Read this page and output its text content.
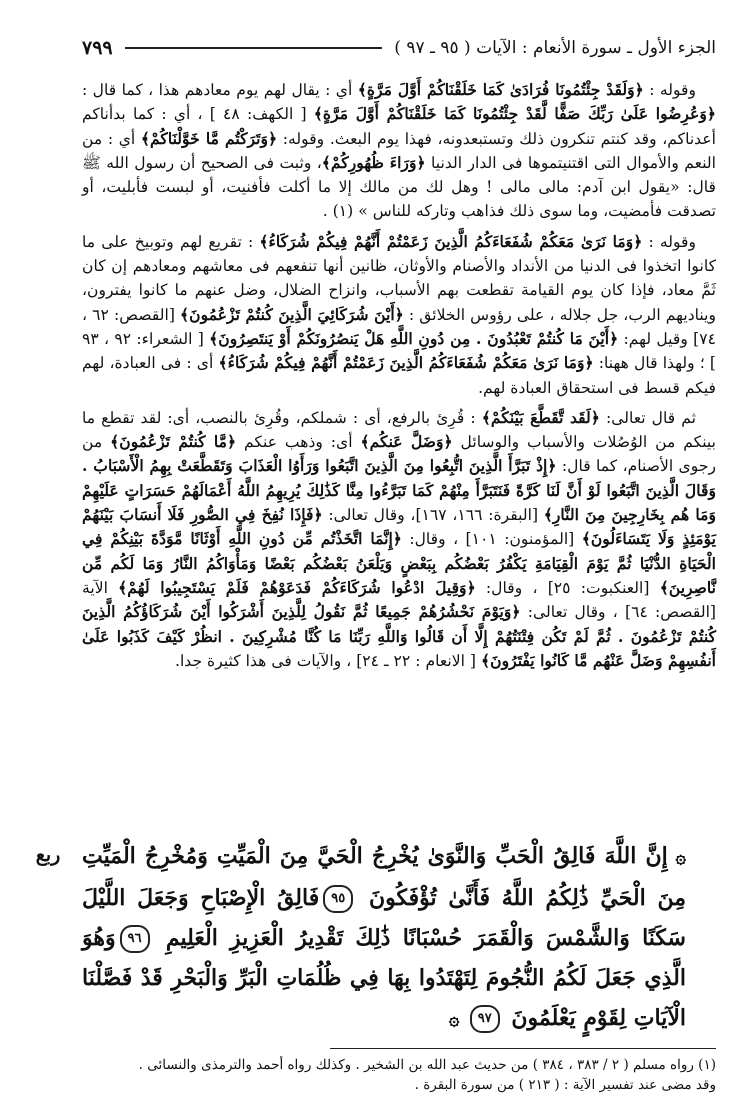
الجزء الأول ـ سورة الأنعام : الآيات ( ٩٥ ـ ٩٧ )
٧٩٩

وقوله : ﴿وَلَقَدْ جِئْتُمُونَا فُرَادَىٰ كَمَا خَلَقْنَاكُمْ أَوَّلَ مَرَّةٍ﴾ أي : يقال لهم يوم معادهم هذا ، كما قال : ﴿وَعُرِضُوا عَلَىٰ رَبِّكَ صَفًّا لَّقَدْ جِئْتُمُونَا كَمَا خَلَقْنَاكُمْ أَوَّلَ مَرَّةٍ﴾ [ الكهف: ٤٨ ] ، أي : كما بدأناكم أعدناكم، وقد كنتم تنكرون ذلك وتستبعدونه، فهذا يوم البعث. وقوله: ﴿وَتَرَكْتُم مَّا خَوَّلْنَاكُمْ﴾ أي : من النعم والأموال التى اقتنيتموها فى الدار الدنيا ﴿وَرَاءَ ظُهُورِكُمْ﴾، وثبت فى الصحيح أن رسول الله ﷺ قال: «يقول ابن آدم: مالى مالى ! وهل لك من مالك إلا ما أكلت فأفنيت، أو لبست فأبليت، أو تصدقت فأمضيت، وما سوى ذلك فذاهب وتاركه للناس » (١) .

وقوله : ﴿وَمَا نَرَىٰ مَعَكُمْ شُفَعَاءَكُمُ الَّذِينَ زَعَمْتُمْ أَنَّهُمْ فِيكُمْ شُرَكَاءُ﴾ : تقريع لهم وتوبيخ على ما كانوا اتخذوا فى الدنيا من الأنداد والأصنام والأوثان، ظانين أنها تنفعهم فى معاشهم ومعادهم إن كان ثَمَّ معاد، فإذا كان يوم القيامة تقطعت بهم الأسباب، وانزاح الضلال، وضل عنهم ما كانوا يفترون، ويناديهم الرب، جل جلاله ، على رؤوس الخلائق : ﴿أَيْنَ شُرَكَائِيَ الَّذِينَ كُنتُمْ تَزْعُمُونَ﴾ [القصص: ٦٢ ، ٧٤] وقيل لهم: ﴿أَيْنَ مَا كُنتُمْ تَعْبُدُونَ . مِن دُونِ اللَّهِ هَلْ يَنصُرُونَكُمْ أَوْ يَنتَصِرُونَ﴾ [ الشعراء: ٩٢ ، ٩٣ ] ؛ ولهذا قال ههنا: ﴿وَمَا نَرَىٰ مَعَكُمْ شُفَعَاءَكُمُ الَّذِينَ زَعَمْتُمْ أَنَّهُمْ فِيكُمْ شُرَكَاءُ﴾ أى : فى العبادة، لهم فيكم قسط فى استحقاق العبادة لهم.

ثم قال تعالى: ﴿لَقَد تَّقَطَّعَ بَيْنَكُمْ﴾ : قُرِئ بالرفع، أى : شملكم، وقُرِئ بالنصب، أى: لقد تقطع ما بينكم من الوُصُلات والأسباب والوسائل ﴿وَضَلَّ عَنكُم﴾ أى: وذهب عنكم ﴿مَّا كُنتُمْ تَزْعُمُونَ﴾ من رجوى الأصنام، كما قال: ﴿إِذْ تَبَرَّأَ الَّذِينَ اتُّبِعُوا مِنَ الَّذِينَ اتَّبَعُوا وَرَأَوُا الْعَذَابَ وَتَقَطَّعَتْ بِهِمُ الْأَسْبَابُ . وَقَالَ الَّذِينَ اتَّبَعُوا لَوْ أَنَّ لَنَا كَرَّةً فَنَتَبَرَّأَ مِنْهُمْ كَمَا تَبَرَّءُوا مِنَّا كَذَٰلِكَ يُرِيهِمُ اللَّهُ أَعْمَالَهُمْ حَسَرَاتٍ عَلَيْهِمْ وَمَا هُم بِخَارِجِينَ مِنَ النَّارِ﴾ [البقرة: ١٦٦، ١٦٧]، وقال تعالى: ﴿فَإِذَا نُفِخَ فِي الصُّورِ فَلَا أَنسَابَ بَيْنَهُمْ يَوْمَئِذٍ وَلَا يَتَسَاءَلُونَ﴾ [المؤمنون: ١٠١] ، وقال: ﴿إِنَّمَا اتَّخَذْتُم مِّن دُونِ اللَّهِ أَوْثَانًا مَّوَدَّةَ بَيْنِكُمْ فِي الْحَيَاةِ الدُّنْيَا ثُمَّ يَوْمَ الْقِيَامَةِ يَكْفُرُ بَعْضُكُم بِبَعْضٍ وَيَلْعَنُ بَعْضُكُم بَعْضًا وَمَأْوَاكُمُ النَّارُ وَمَا لَكُم مِّن نَّاصِرِينَ﴾ [العنكبوت: ٢٥] ، وقال: ﴿وَقِيلَ ادْعُوا شُرَكَاءَكُمْ فَدَعَوْهُمْ فَلَمْ يَسْتَجِيبُوا لَهُمْ﴾ الآية [القصص: ٦٤] ، وقال تعالى: ﴿وَيَوْمَ نَحْشُرُهُمْ جَمِيعًا ثُمَّ نَقُولُ لِلَّذِينَ أَشْرَكُوا أَيْنَ شُرَكَاؤُكُمُ الَّذِينَ كُنتُمْ تَزْعُمُونَ . ثُمَّ لَمْ تَكُن فِتْنَتُهُمْ إِلَّا أَن قَالُوا وَاللَّهِ رَبِّنَا مَا كُنَّا مُشْرِكِينَ . انظُرْ كَيْفَ كَذَبُوا عَلَىٰ أَنفُسِهِمْ وَضَلَّ عَنْهُم مَّا كَانُوا يَفْتَرُونَ﴾ [ الانعام : ٢٢ ـ ٢٤] ، والآيات فى هذا كثيرة جدا.

ربع	۞ إِنَّ اللَّهَ فَالِقُ الْحَبِّ وَالنَّوَىٰ يُخْرِجُ الْحَيَّ مِنَ الْمَيِّتِ وَمُخْرِجُ الْمَيِّتِ مِنَ الْحَيِّ ذَٰلِكُمُ اللَّهُ فَأَنَّىٰ تُؤْفَكُونَ ٩٥فَالِقُ الْإِصْبَاحِ وَجَعَلَ اللَّيْلَ سَكَنًا وَالشَّمْسَ وَالْقَمَرَ حُسْبَانًا ذَٰلِكَ تَقْدِيرُ الْعَزِيزِ الْعَلِيمِ ٩٦وَهُوَ الَّذِي جَعَلَ لَكُمُ النُّجُومَ لِتَهْتَدُوا بِهَا فِي ظُلُمَاتِ الْبَرِّ وَالْبَحْرِ قَدْ فَصَّلْنَا الْآيَاتِ لِقَوْمٍ يَعْلَمُونَ ٩٧ ۞
(١) رواه مسلم ( ٢ / ٣٨٣ ، ٣٨٤ ) من حديث عبد الله بن الشخير . وكذلك رواه أحمد والترمذى والنسائى .
وقد مضى عند تفسير الآية : ( ٢١٣ ) من سورة البقرة .
